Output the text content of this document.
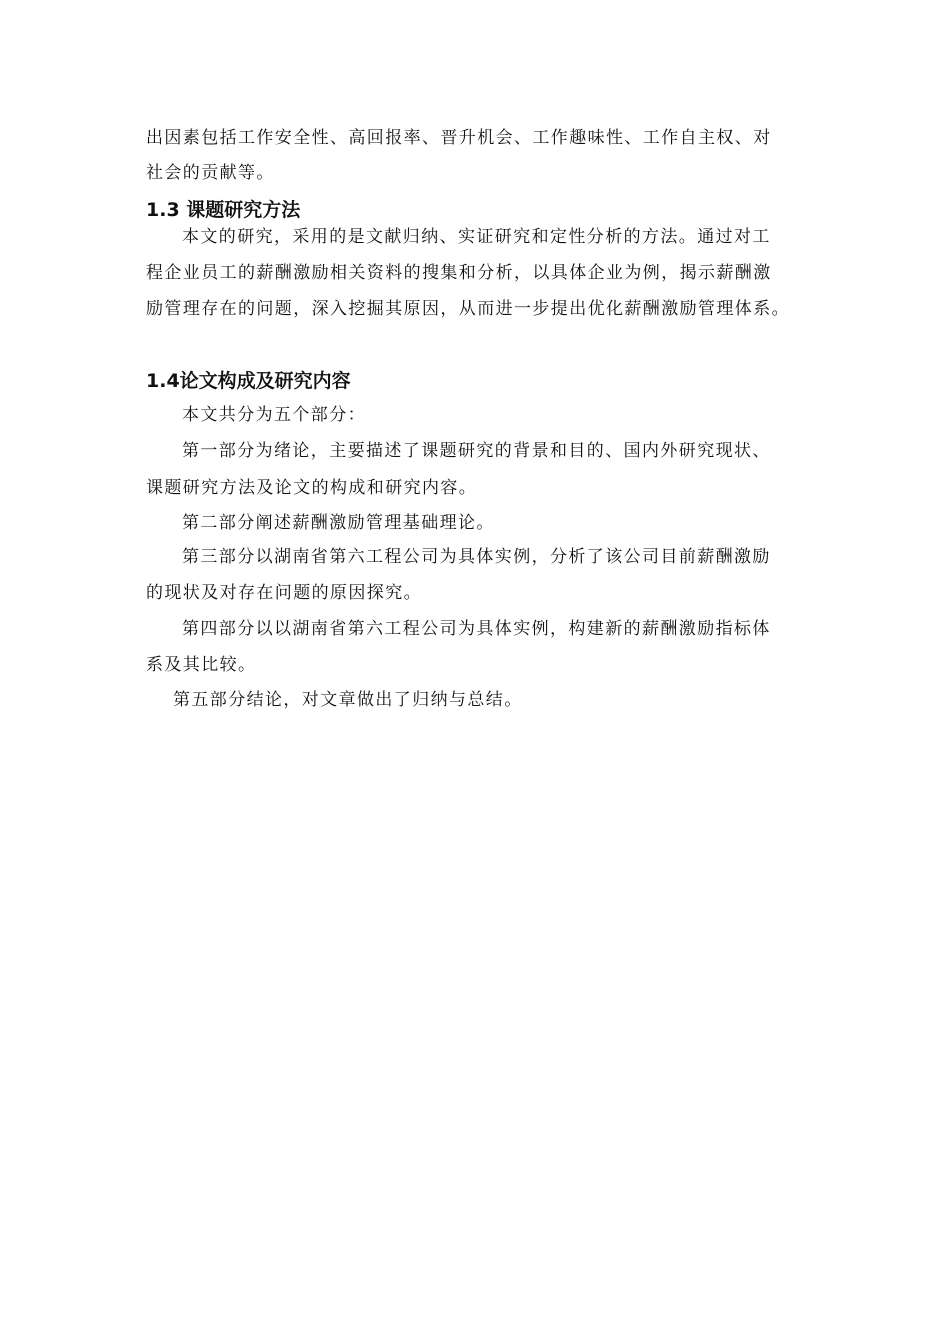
出因素包括工作安全性、高回报率、晋升机会、工作趣味性、工作自主权、对
社会的贡献等。
1.3 课题研究方法
本文的研究，采用的是文献归纳、实证研究和定性分析的方法。通过对工
程企业员工的薪酬激励相关资料的搜集和分析，以具体企业为例，揭示薪酬激
励管理存在的问题，深入挖掘其原因，从而进一步提出优化薪酬激励管理体系。
1.4论文构成及研究内容
本文共分为五个部分：
第一部分为绪论，主要描述了课题研究的背景和目的、国内外研究现状、
课题研究方法及论文的构成和研究内容。
第二部分阐述薪酬激励管理基础理论。
第三部分以湖南省第六工程公司为具体实例，分析了该公司目前薪酬激励
的现状及对存在问题的原因探究。
第四部分以以湖南省第六工程公司为具体实例，构建新的薪酬激励指标体
系及其比较。
第五部分结论，对文章做出了归纳与总结。
